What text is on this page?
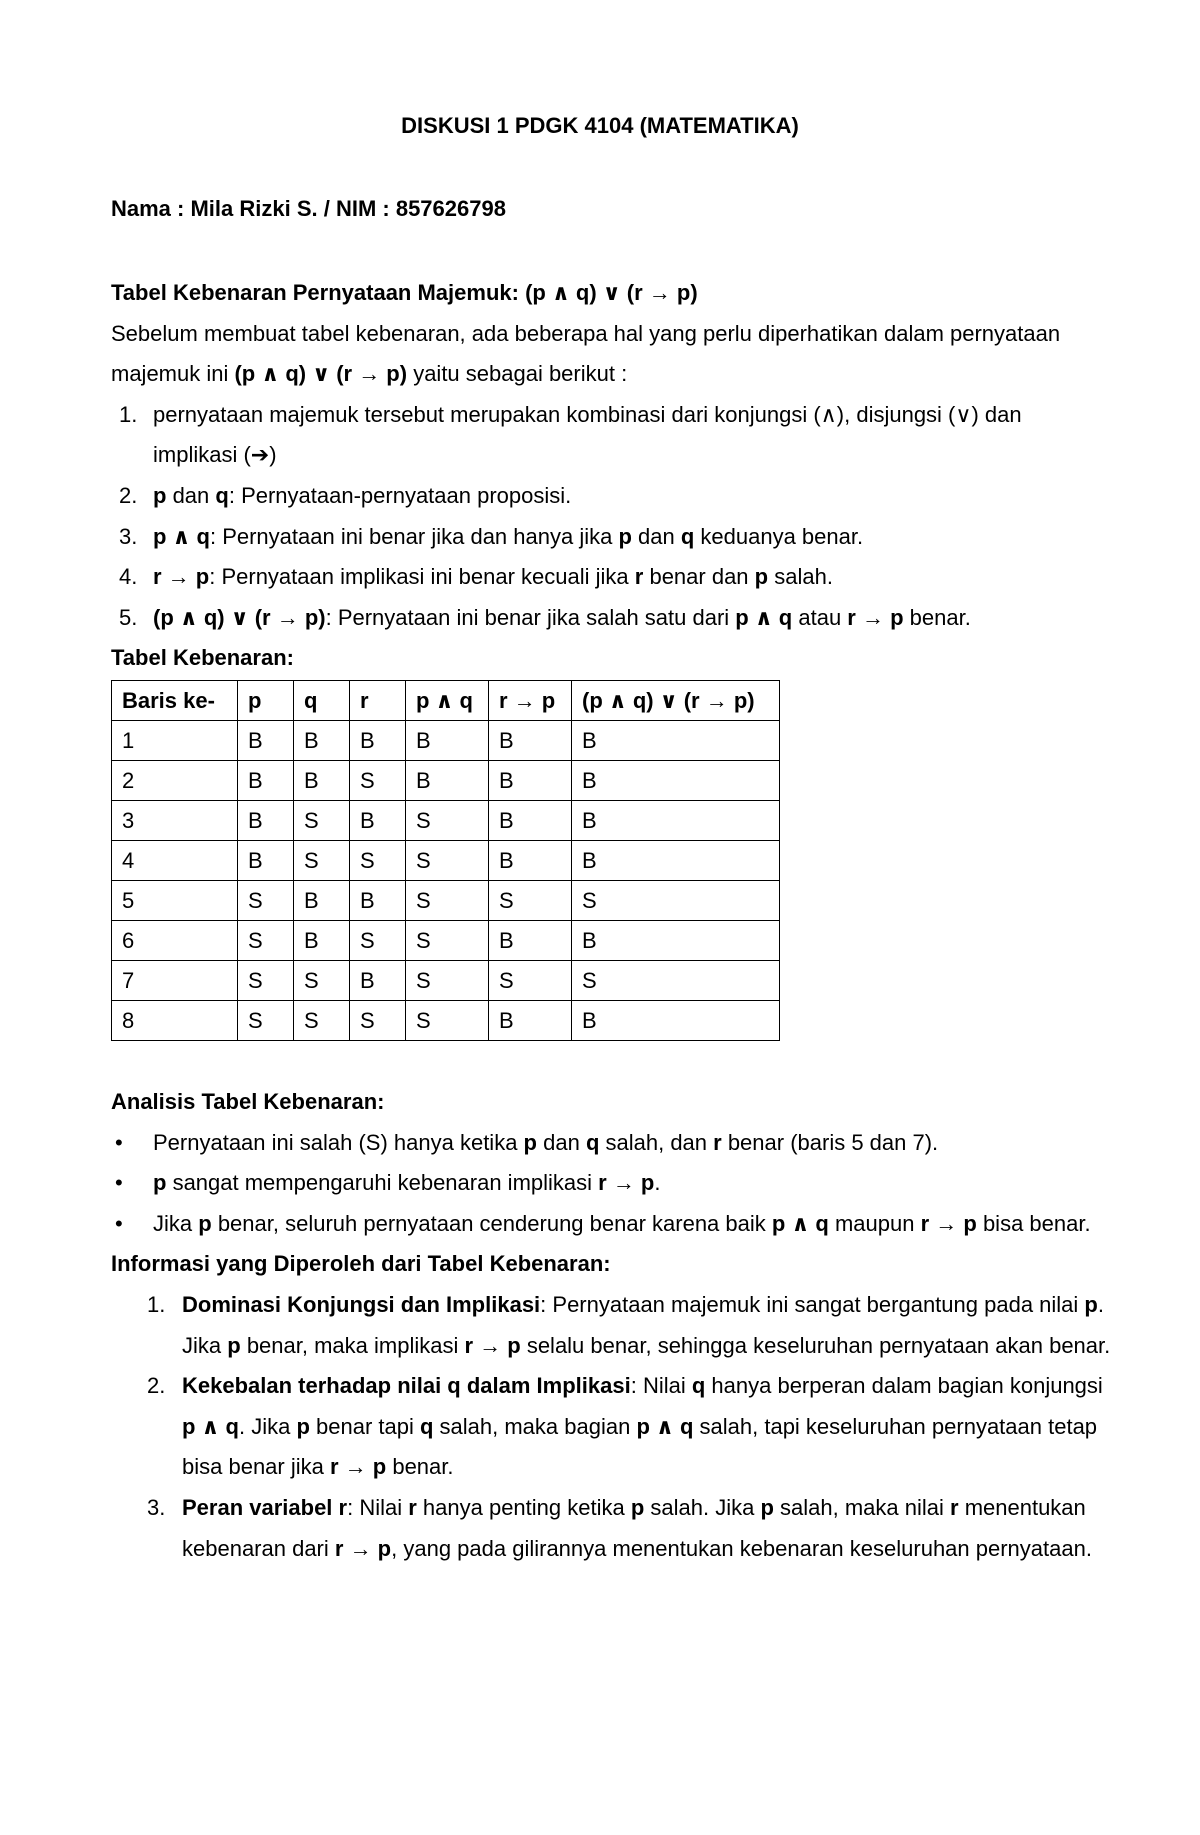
DISKUSI 1 PDGK 4104 (MATEMATIKA)
Nama : Mila Rizki S. / NIM : 857626798

Tabel Kebenaran Pernyataan Majemuk: (p ∧ q) ∨ (r → p)

Sebelum membuat tabel kebenaran, ada beberapa hal yang perlu diperhatikan dalam pernyataan majemuk ini (p ∧ q) ∨ (r → p) yaitu sebagai berikut :

1. pernyataan majemuk tersebut merupakan kombinasi dari konjungsi (∧), disjungsi (∨) dan implikasi (➔)
2. p dan q: Pernyataan-pernyataan proposisi.
3. p ∧ q: Pernyataan ini benar jika dan hanya jika p dan q keduanya benar.
4. r → p: Pernyataan implikasi ini benar kecuali jika r benar dan p salah.
5. (p ∧ q) ∨ (r → p): Pernyataan ini benar jika salah satu dari p ∧ q atau r → p benar.

Tabel Kebenaran:

Baris ke-	p	q	r	p ∧ q	r → p	(p ∧ q) ∨ (r → p)
1	B	B	B	B	B	B
2	B	B	S	B	B	B
3	B	S	B	S	B	B
4	B	S	S	S	B	B
5	S	B	B	S	S	S
6	S	B	S	S	B	B
7	S	S	B	S	S	S
8	S	S	S	S	B	B

Analisis Tabel Kebenaran:

• Pernyataan ini salah (S) hanya ketika p dan q salah, dan r benar (baris 5 dan 7).
• p sangat mempengaruhi kebenaran implikasi r → p.
• Jika p benar, seluruh pernyataan cenderung benar karena baik p ∧ q maupun r → p bisa benar.

Informasi yang Diperoleh dari Tabel Kebenaran:

1. Dominasi Konjungsi dan Implikasi: Pernyataan majemuk ini sangat bergantung pada nilai p. Jika p benar, maka implikasi r → p selalu benar, sehingga keseluruhan pernyataan akan benar.
2. Kekebalan terhadap nilai q dalam Implikasi: Nilai q hanya berperan dalam bagian konjungsi p ∧ q. Jika p benar tapi q salah, maka bagian p ∧ q salah, tapi keseluruhan pernyataan tetap bisa benar jika r → p benar.
3. Peran variabel r: Nilai r hanya penting ketika p salah. Jika p salah, maka nilai r menentukan kebenaran dari r → p, yang pada gilirannya menentukan kebenaran keseluruhan pernyataan.
